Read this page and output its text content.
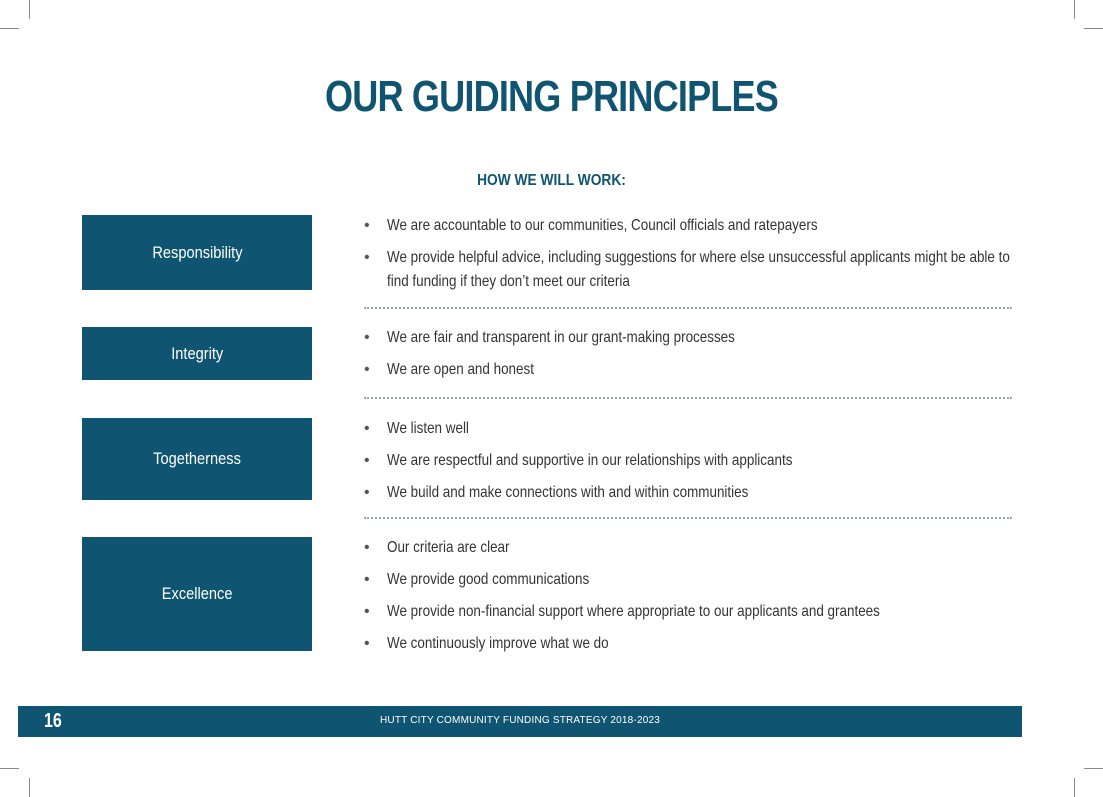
OUR GUIDING PRINCIPLES
HOW WE WILL WORK:
Responsibility
• We are accountable to our communities, Council officials and ratepayers
• We provide helpful advice, including suggestions for where else unsuccessful applicants might be able to find funding if they don’t meet our criteria
Integrity
• We are fair and transparent in our grant-making processes
• We are open and honest
Togetherness
• We listen well
• We are respectful and supportive in our relationships with applicants
• We build and make connections with and within communities
Excellence
• Our criteria are clear
• We provide good communications
• We provide non-financial support where appropriate to our applicants and grantees
• We continuously improve what we do
16	HUTT CITY COMMUNITY FUNDING STRATEGY 2018-2023
